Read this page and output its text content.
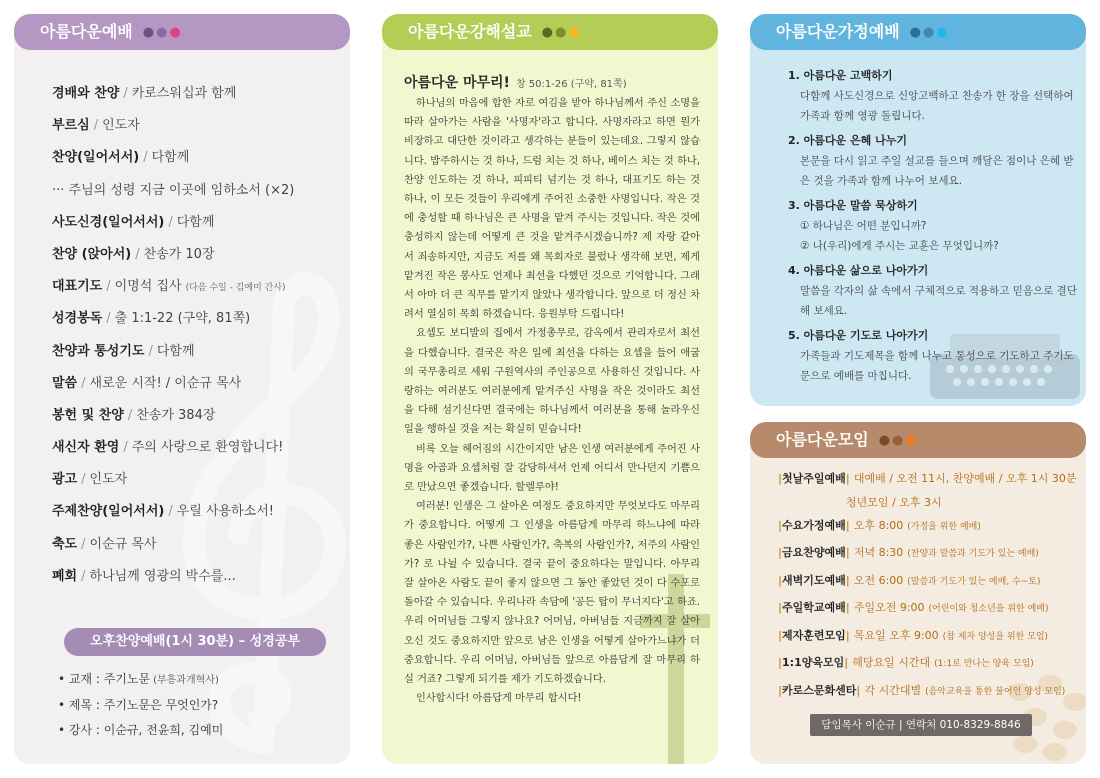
아름다운예배 ●●●
경배와 찬양 / 카로스워십과 함께
부르심 / 인도자
찬양(일어서서) / 다함께
··· 주님의 성령 지금 이곳에 임하소서 (×2)
사도신경(일어서서) / 다함께
찬양 (앉아서) / 찬송가 10장
대표기도 / 이명석 집사 (다음 수일 - 김예미 간사)
성경봉독 / 출 1:1-22 (구약, 81쪽)
찬양과 통성기도 / 다함께
말씀 / 새로운 시작! / 이순규 목사
봉헌 및 찬양 / 찬송가 384장
새신자 환영 / 주의 사랑으로 환영합니다!
광고 / 인도자
주제찬양(일어서서) / 우릴 사용하소서!
축도 / 이순규 목사
폐회 / 하나님께 영광의 박수를...
오후찬양예배(1시 30분) – 성경공부
• 교재 : 주기노문 (부흥과개혁사)
• 제목 : 주기노문은 무엇인가?
• 강사 : 이순규, 전윤희, 김예미
아름다운강해설교 ●●●
아름다운 마무리! 창 50:1-26 (구약, 81쪽)

하나님의 마음에 합한 자로 여김을 받아 하나님께서 주신 소명을 따라 살아가는 사람을 '사명자'라고 합니다. 사명자라고 하면 뭔가 비장하고 대단한 것이라고 생각하는 분들이 있는데요. 그렇지 않습니다. 밥주하시는 것 하나, 드럼 치는 것 하나, 베이스 치는 것 하나, 찬양 인도하는 것 하나, 피피티 넘기는 것 하나, 대표기도 하는 것 하나, 이 모든 것들이 우리에게 주어진 소중한 사명입니다. 작은 것에 충성할 때 하나님은 큰 사명을 맡겨 주시는 것입니다. 작은 것에 충성하지 않는데 어떻게 큰 것을 맡겨주시겠습니까? 제 자랑 같아서 죄송하지만, 지금도 저를 왜 목회자로 불렀나 생각해 보면, 제게 맡겨진 작은 봉사도 언제나 최선을 다했던 것으로 기억합니다. 그래서 아마 더 큰 직무를 맡기지 않았나 생각합니다. 앞으로 더 정신 차려서 열심히 목회 하겠습니다. 응원부탁 드립니다!

요셉도 보디발의 집에서 가정총무로, 감옥에서 관리자로서 최선을 다했습니다. 결국은 작은 일에 최선을 다하는 요셉을 들어 애굽의 국무총리로 세워 구원역사의 주인공으로 사용하신 것입니다. 사랑하는 여러분도 여러분에게 맡겨주신 사명을 작은 것이라도 최선을 다해 섬기신다면 결국에는 하나님께서 여러분을 통해 놀라우신 일을 행하실 것을 저는 확실히 믿습니다!

비록 오늘 헤어짐의 시간이지만 남은 인생 여러분에게 주어진 사명을 아곱과 요셉처럼 잘 감당하셔서 언제 어디서 만나던지 기쁨으로 만났으면 좋겠습니다. 할렐루야!

여러분! 인생은 그 살아온 여정도 중요하지만 무엇보다도 마무리가 중요합니다. 어떻게 그 인생을 아름답게 마무리 하느냐에 따라 좋은 사람인가?, 나쁜 사람인가?, 축복의 사람인가?, 저주의 사람인가? 로 나뉠 수 있습니다. 결국 끝이 중요하다는 말입니다. 아무리 잘 살아온 사람도 끝이 좋지 않으면 그 동안 좋았던 것이 다 수포로 돌아갈 수 있습니다. 우리나라 속담에 '공든 탑이 무너지다'고 하죠. 우리 어머님들 그렇지 않나요? 어머님, 아버님들 지금까지 잘 살아오신 것도 중요하지만 앞으로 남은 인생을 어떻게 살아가느냐가 더 중요합니다. 우리 어머님, 아버님들 앞으로 아름답게 잘 마무리 하실 거죠? 그렇게 되기를 제가 기도하겠습니다.

인사합시다! 아름답게 마무리 합시다!

아름다운가정예배 ●●●
1. 아름다운 고백하기
다함께 사도신경으로 신앙고백하고 찬송가 한 장을 선택하여 가족과 함께 영광 돌립니다.
2. 아름다운 은혜 나누기
본문을 다시 읽고 주일 설교를 들으며 깨달은 점이나 은혜 받은 것을 가족과 함께 나누어 보세요.
3. 아름다운 말씀 묵상하기
① 하나님은 어떤 분입니까?
② 나(우리)에게 주시는 교훈은 무엇입니까?
4. 아름다운 삶으로 나아가기
말씀을 각자의 삶 속에서 구체적으로 적용하고 믿음으로 결단해 보세요.
5. 아름다운 기도로 나아가기
가족들과 기도제목을 함께 나누고 통성으로 기도하고 주기도문으로 예배를 마칩니다.
아름다운모임 ●●●
|첫날주일예배| 대예배 / 오전 11시, 찬양예배 / 오후 1시 30분
청년모임 / 오후 3시
|수요가정예배| 오후 8:00 (가정을 위한 예배)
|금요찬양예배| 저녁 8:30 (찬양과 말씀과 기도가 있는 예배)
|새벽기도예배| 오전 6:00 (말씀과 기도가 있는 예배, 수~토)
|주일학교예배| 주일오전 9:00 (어린이와 청소년을 위한 예배)
|제자훈련모임| 목요일 오후 9:00 (참 제자 양성을 위한 모임)
|1:1양육모임| 해당요일 시간대 (1:1로 만나는 양육 모임)
|카로스문화센타| 각 시간대별 (음악교육을 통한 불어인 양성 모임)
담임목사 이순규 | 연락처 010-8329-8846
